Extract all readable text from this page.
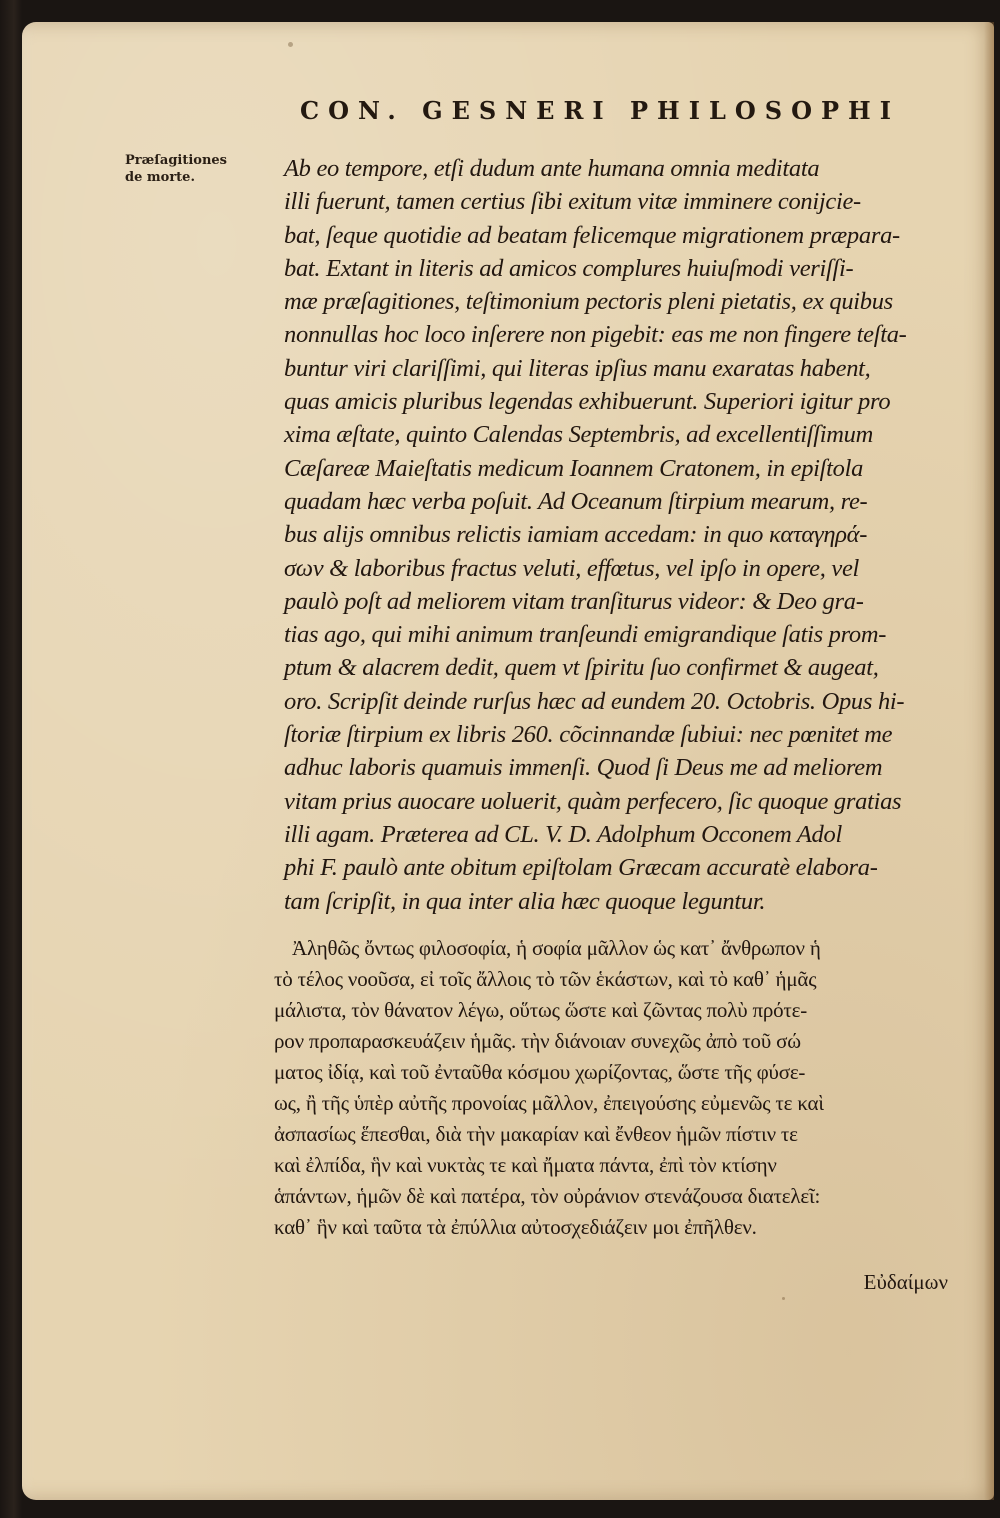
CON. GESNERI PHILOSOPHI
Præſagitiones
de morte.	Ab eo tempore, etſi dudum ante humana omnia meditata
illi fuerunt, tamen certius ſibi exitum vitæ imminere conijcie-
bat, ſeque quotidie ad beatam felicemque migrationem præpara-
bat. Extant in literis ad amicos complures huiuſmodi veriſſi-
mæ præſagitiones, teſtimonium pectoris pleni pietatis, ex quibus
nonnullas hoc loco inſerere non pigebit: eas me non fingere teſta-
buntur viri clariſſimi, qui literas ipſius manu exaratas habent,
quas amicis pluribus legendas exhibuerunt. Superiori igitur pro
xima æſtate, quinto Calendas Septembris, ad excellentiſſimum
Cæſareæ Maieſtatis medicum Ioannem Cratonem, in epiſtola
quadam hæc verba poſuit. Ad Oceanum ſtirpium mearum, re-
bus alijs omnibus relictis iamiam accedam: in quo καταγηρά-
σων & laboribus fractus veluti, effœtus, vel ipſo in opere, vel
paulò poſt ad meliorem vitam tranſiturus videor: & Deo gra-
tias ago, qui mihi animum tranſeundi emigrandique ſatis prom-
ptum & alacrem dedit, quem vt ſpiritu ſuo confirmet & augeat,
oro. Scripſit deinde rurſus hæc ad eundem 20. Octobris. Opus hi-
ſtoriæ ſtirpium ex libris 260. cõcinnandæ ſubiui: nec pœnitet me
adhuc laboris quamuis immenſi. Quod ſi Deus me ad meliorem
vitam prius auocare uoluerit, quàm perfecero, ſic quoque gratias
illi agam. Præterea ad CL. V. D. Adolphum Occonem Adol
phi F. paulò ante obitum epiſtolam Græcam accuratè elabora-
tam ſcripſit, in qua inter alia hæc quoque leguntur.
Ἀληθῶς ὄντως φιλοσοφία, ἡ σοφία μᾶλλον ὡς κατ᾽ ἄνθρωπον ἡ
τὸ τέλος νοοῦσα, εἰ τοῖς ἄλλοις τὸ τῶν ἑκάστων, καὶ τὸ καθ᾽ ἡμᾶς
μάλιστα, τὸν θάνατον λέγω, οὕτως ὥστε καὶ ζῶντας πολὺ πρότε-
ρον προπαρασκευάζειν ἡμᾶς. τὴν διάνοιαν συνεχῶς ἀπὸ τοῦ σώ
ματος ἰδίᾳ, καὶ τοῦ ἐνταῦθα κόσμου χωρίζοντας, ὥστε τῆς φύσε-
ως, ἢ τῆς ὑπὲρ αὐτῆς προνοίας μᾶλλον, ἐπειγούσης εὐμενῶς τε καὶ
ἀσπασίως ἕπεσθαι, διὰ τὴν μακαρίαν καὶ ἔνθεον ἡμῶν πίστιν τε
καὶ ἐλπίδα, ἣν καὶ νυκτὰς τε καὶ ἤματα πάντα, ἐπὶ τὸν κτίσην
ἁπάντων, ἡμῶν δὲ καὶ πατέρα, τὸν οὐράνιον στενάζουσα διατελεῖ:
καθ᾽ ἣν καὶ ταῦτα τὰ ἐπύλλια αὐτοσχεδιάζειν μοι ἐπῆλθεν.
Εὐδαίμων
